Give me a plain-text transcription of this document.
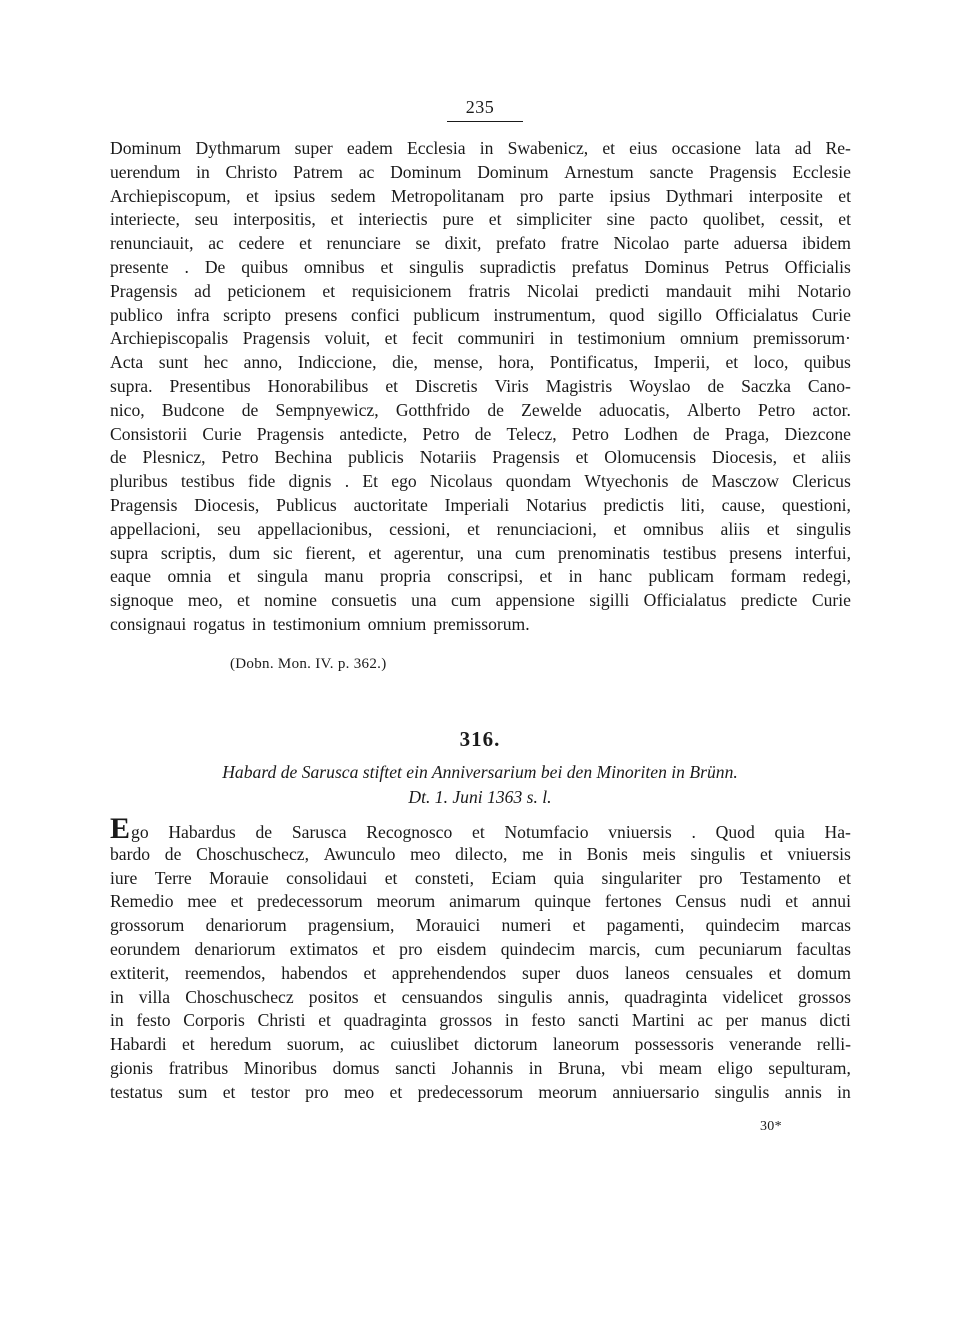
235
Dominum Dythmarum super eadem Ecclesia in Swabenicz, et eius occasione lata ad Re-
uerendum in Christo Patrem ac Dominum Dominum Arnestum sancte Pragensis Ecclesie
Archiepiscopum, et ipsius sedem Metropolitanam pro parte ipsius Dythmari interposite et
interiecte, seu interpositis, et interiectis pure et simpliciter sine pacto quolibet, cessit, et
renunciauit, ac cedere et renunciare se dixit, prefato fratre Nicolao parte aduersa ibidem
presente . De quibus omnibus et singulis supradictis prefatus Dominus Petrus Officialis
Pragensis ad peticionem et requisicionem fratris Nicolai predicti mandauit mihi Notario
publico infra scripto presens confici publicum instrumentum, quod sigillo Officialatus Curie
Archiepiscopalis Pragensis voluit, et fecit communiri in testimonium omnium premissorum·
Acta sunt hec anno, Indiccione, die, mense, hora, Pontificatus, Imperii, et loco, quibus
supra. Presentibus Honorabilibus et Discretis Viris Magistris Woyslao de Saczka Cano-
nico, Budcone de Sempnyewicz, Gotthfrido de Zewelde aduocatis, Alberto Petro actor.
Consistorii Curie Pragensis antedicte, Petro de Telecz, Petro Lodhen de Praga, Diezcone
de Plesnicz, Petro Bechina publicis Notariis Pragensis et Olomucensis Diocesis, et aliis
pluribus testibus fide dignis . Et ego Nicolaus quondam Wtyechonis de Masczow Clericus
Pragensis Diocesis, Publicus auctoritate Imperiali Notarius predictis liti, cause, questioni,
appellacioni, seu appellacionibus, cessioni, et renunciacioni, et omnibus aliis et singulis
supra scriptis, dum sic fierent, et agerentur, una cum prenominatis testibus presens interfui,
eaque omnia et singula manu propria conscripsi, et in hanc publicam formam redegi,
signoque meo, et nomine consuetis una cum appensione sigilli Officialatus predicte Curie
consignaui rogatus in testimonium omnium premissorum.
(Dobn. Mon. IV. p. 362.)
316.
Habard de Sarusca stiftet ein Anniversarium bei den Minoriten in Brünn.
Dt. 1. Juni 1363 s. l.
Ego Habardus de Sarusca Recognosco et Notumfacio vniuersis . Quod quia Ha-
bardo de Choschuschecz, Awunculo meo dilecto, me in Bonis meis singulis et vniuersis
iure Terre Morauie consolidaui et consteti, Eciam quia singulariter pro Testamento et
Remedio mee et predecessorum meorum animarum quinque fertones Census nudi et annui
grossorum denariorum pragensium, Morauici numeri et pagamenti, quindecim marcas
eorundem denariorum extimatos et pro eisdem quindecim marcis, cum pecuniarum facultas
extiterit, reemendos, habendos et apprehendendos super duos laneos censuales et domum
in villa Choschuschecz positos et censuandos singulis annis, quadraginta videlicet grossos
in festo Corporis Christi et quadraginta grossos in festo sancti Martini ac per manus dicti
Habardi et heredum suorum, ac cuiuslibet dictorum laneorum possessoris venerande relli-
gionis fratribus Minoribus domus sancti Johannis in Bruna, vbi meam eligo sepulturam,
testatus sum et testor pro meo et predecessorum meorum anniuersario singulis annis in
30*
